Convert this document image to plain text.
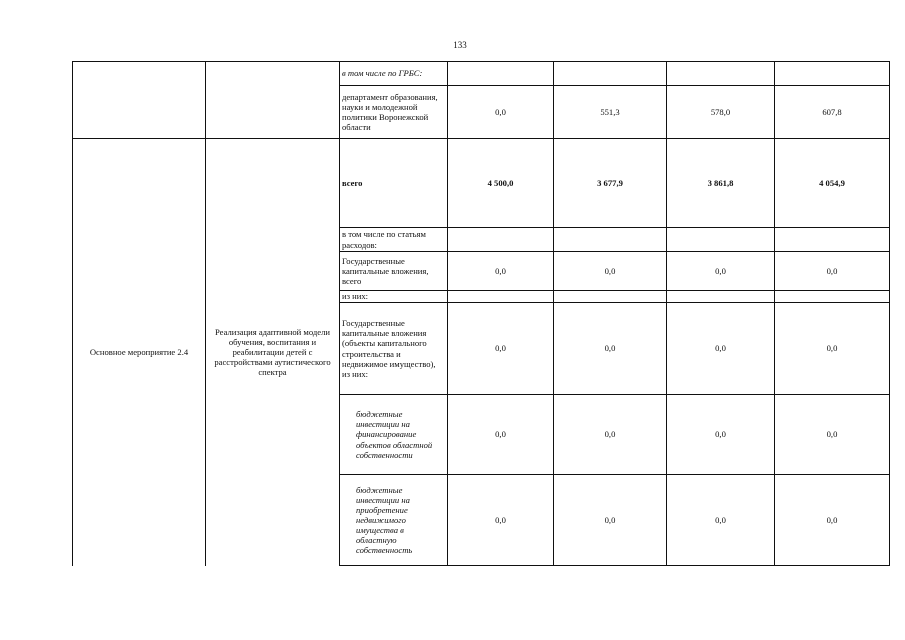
133
		в том числе по ГРБС:				
		департамент образования, науки и молодежной политики Воронежской области	0,0	551,3	578,0	607,8
Основное мероприятие 2.4	Реализация адаптивной модели обучения, воспитания и реабилитации детей с расстройствами аутистического спектра	всего	4 500,0	3 677,9	3 861,8	4 054,9
		в том числе по статьям расходов:				
		Государственные капитальные вложения, всего	0,0	0,0	0,0	0,0
		из них:				
		Государственные капитальные вложения (объекты капитального строительства и недвижимое имущество), из них:	0,0	0,0	0,0	0,0
		бюджетные инвестиции на финансирование объектов областной собственности	0,0	0,0	0,0	0,0
		бюджетные инвестиции на приобретение недвижимого имущества в областную собственность	0,0	0,0	0,0	0,0
